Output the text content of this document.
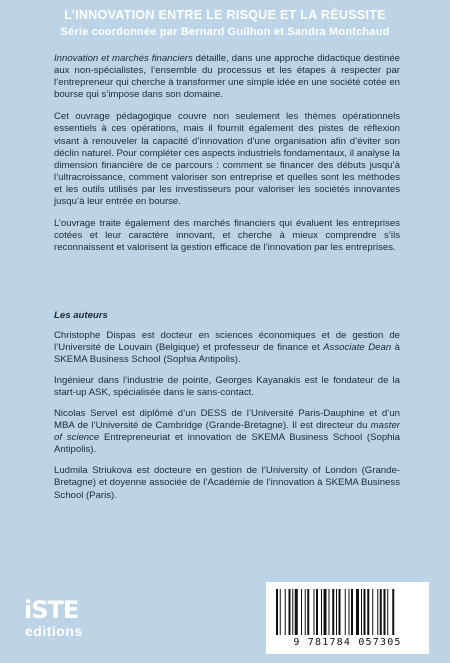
L’INNOVATION ENTRE LE RISQUE ET LA RÉUSSITE
Série coordonnée par Bernard Guilhon et Sandra Montchaud

Innovation et marchés financiers détaille, dans une approche didactique destinée aux non-spécialistes, l’ensemble du processus et les étapes à respecter par l’entrepreneur qui cherche à transformer une simple idée en une société cotée en bourse qui s’impose dans son domaine.

Cet ouvrage pédagogique couvre non seulement les thèmes opérationnels essentiels à ces opérations, mais il fournit également des pistes de réflexion visant à renouveler la capacité d’innovation d’une organisation afin d’éviter son déclin naturel. Pour compléter ces aspects industriels fondamentaux, il analyse la dimension financière de ce parcours : comment se financer des débuts jusqu’à l’ultracroissance, comment valoriser son entreprise et quelles sont les méthodes et les outils utilisés par les investisseurs pour valoriser les sociétés innovantes jusqu’à leur entrée en bourse.

L’ouvrage traite également des marchés financiers qui évaluent les entreprises cotées et leur caractère innovant, et cherche à mieux comprendre s’ils reconnaissent et valorisent la gestion efficace de l’innovation par les entreprises.

Les auteurs

Christophe Dispas est docteur en sciences économiques et de gestion de l’Université de Louvain (Belgique) et professeur de finance et Associate Dean à SKEMA Business School (Sophia Antipolis).

Ingénieur dans l’industrie de pointe, Georges Kayanakis est le fondateur de la start-up ASK, spécialisée dans le sans-contact.

Nicolas Servel est diplômé d’un DESS de l’Université Paris-Dauphine et d’un MBA de l’Université de Cambridge (Grande-Bretagne). Il est directeur du master of science Entrepreneuriat et innovation de SKEMA Business School (Sophia Antipolis).

Ludmila Striukova est docteure en gestion de l’University of London (Grande-Bretagne) et doyenne associée de l’Académie de l’innovation à SKEMA Business School (Paris).

iSTE
editions
9 781784 057305
